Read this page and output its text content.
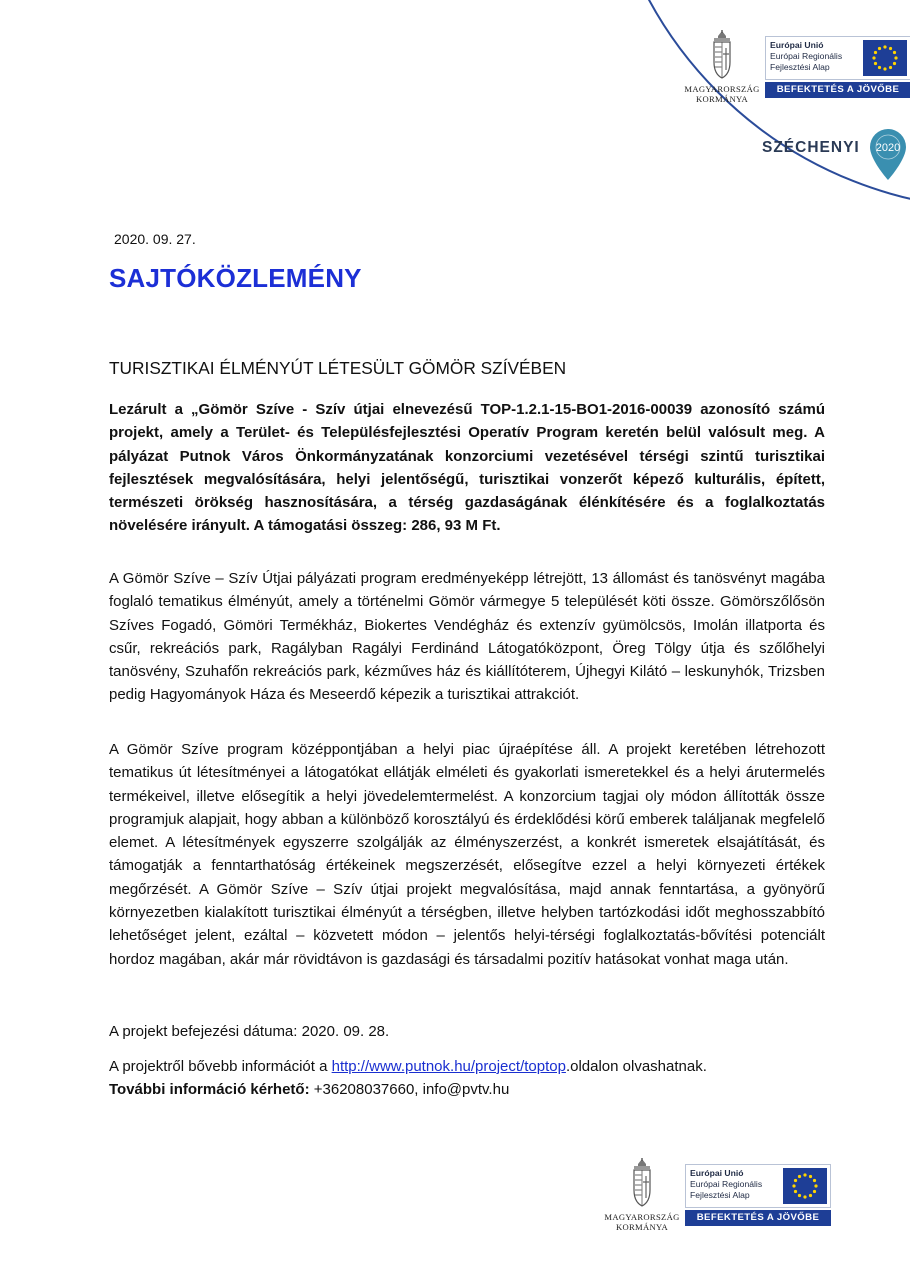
MAGYARORSZÁG
KORMÁNYA
Európai Unió
Európai Regionális
Fejlesztési Alap
BEFEKTETÉS A JÖVŐBE
SZÉCHENYI 2020
2020. 09. 27.
SAJTÓKÖZLEMÉNY
TURISZTIKAI ÉLMÉNYÚT LÉTESÜLT GÖMÖR SZÍVÉBEN

Lezárult a „Gömör Szíve - Szív útjai elnevezésű TOP-1.2.1-15-BO1-2016-00039 azonosító számú projekt, amely a Terület- és Településfejlesztési Operatív Program keretén belül valósult meg. A pályázat Putnok Város Önkormányzatának konzorciumi vezetésével térségi szintű turisztikai fejlesztések megvalósítására, helyi jelentőségű, turisztikai vonzerőt képező kulturális, épített, természeti örökség hasznosítására, a térség gazdaságának élénkítésére és a foglalkoztatás növelésére irányult. A támogatási összeg: 286, 93 M Ft.

A Gömör Szíve – Szív Útjai pályázati program eredményeképp létrejött, 13 állomást és tanösvényt magába foglaló tematikus élményút, amely a történelmi Gömör vármegye 5 települését köti össze. Gömörszőlősön Szíves Fogadó, Gömöri Termékház, Biokertes Vendégház és extenzív gyümölcsös, Imolán illatporta és csűr, rekreációs park, Ragályban Ragályi Ferdinánd Látogatóközpont, Öreg Tölgy útja és szőlőhelyi tanösvény, Szuhafőn rekreációs park, kézműves ház és kiállítóterem, Újhegyi Kilátó – leskunyhók, Trizsben pedig Hagyományok Háza és Meseerdő képezik a turisztikai attrakciót.

A Gömör Szíve program középpontjában a helyi piac újraépítése áll. A projekt keretében létrehozott tematikus út létesítményei a látogatókat ellátják elméleti és gyakorlati ismeretekkel és a helyi árutermelés termékeivel, illetve elősegítik a helyi jövedelemtermelést. A konzorcium tagjai oly módon állították össze programjuk alapjait, hogy abban a különböző korosztályú és érdeklődési körű emberek találjanak megfelelő elemet. A létesítmények egyszerre szolgálják az élményszerzést, a konkrét ismeretek elsajátítását, és támogatják a fenntarthatóság értékeinek megszerzését, elősegítve ezzel a helyi környezeti értékek megőrzését. A Gömör Szíve – Szív útjai projekt megvalósítása, majd annak fenntartása, a gyönyörű környezetben kialakított turisztikai élményút a térségben, illetve helyben tartózkodási időt meghosszabbító lehetőséget jelent, ezáltal – közvetett módon – jelentős helyi-térségi foglalkoztatás-bővítési potenciált hordoz magában, akár már rövidtávon is gazdasági és társadalmi pozitív hatásokat vonhat maga után.

A projekt befejezési dátuma: 2020. 09. 28.

A projektről bővebb információt a http://www.putnok.hu/project/toptop.oldalon olvashatnak.

További információ kérhető: +36208037660, info@pvtv.hu
MAGYARORSZÁG
KORMÁNYA
Európai Unió
Európai Regionális
Fejlesztési Alap
BEFEKTETÉS A JÖVŐBE
